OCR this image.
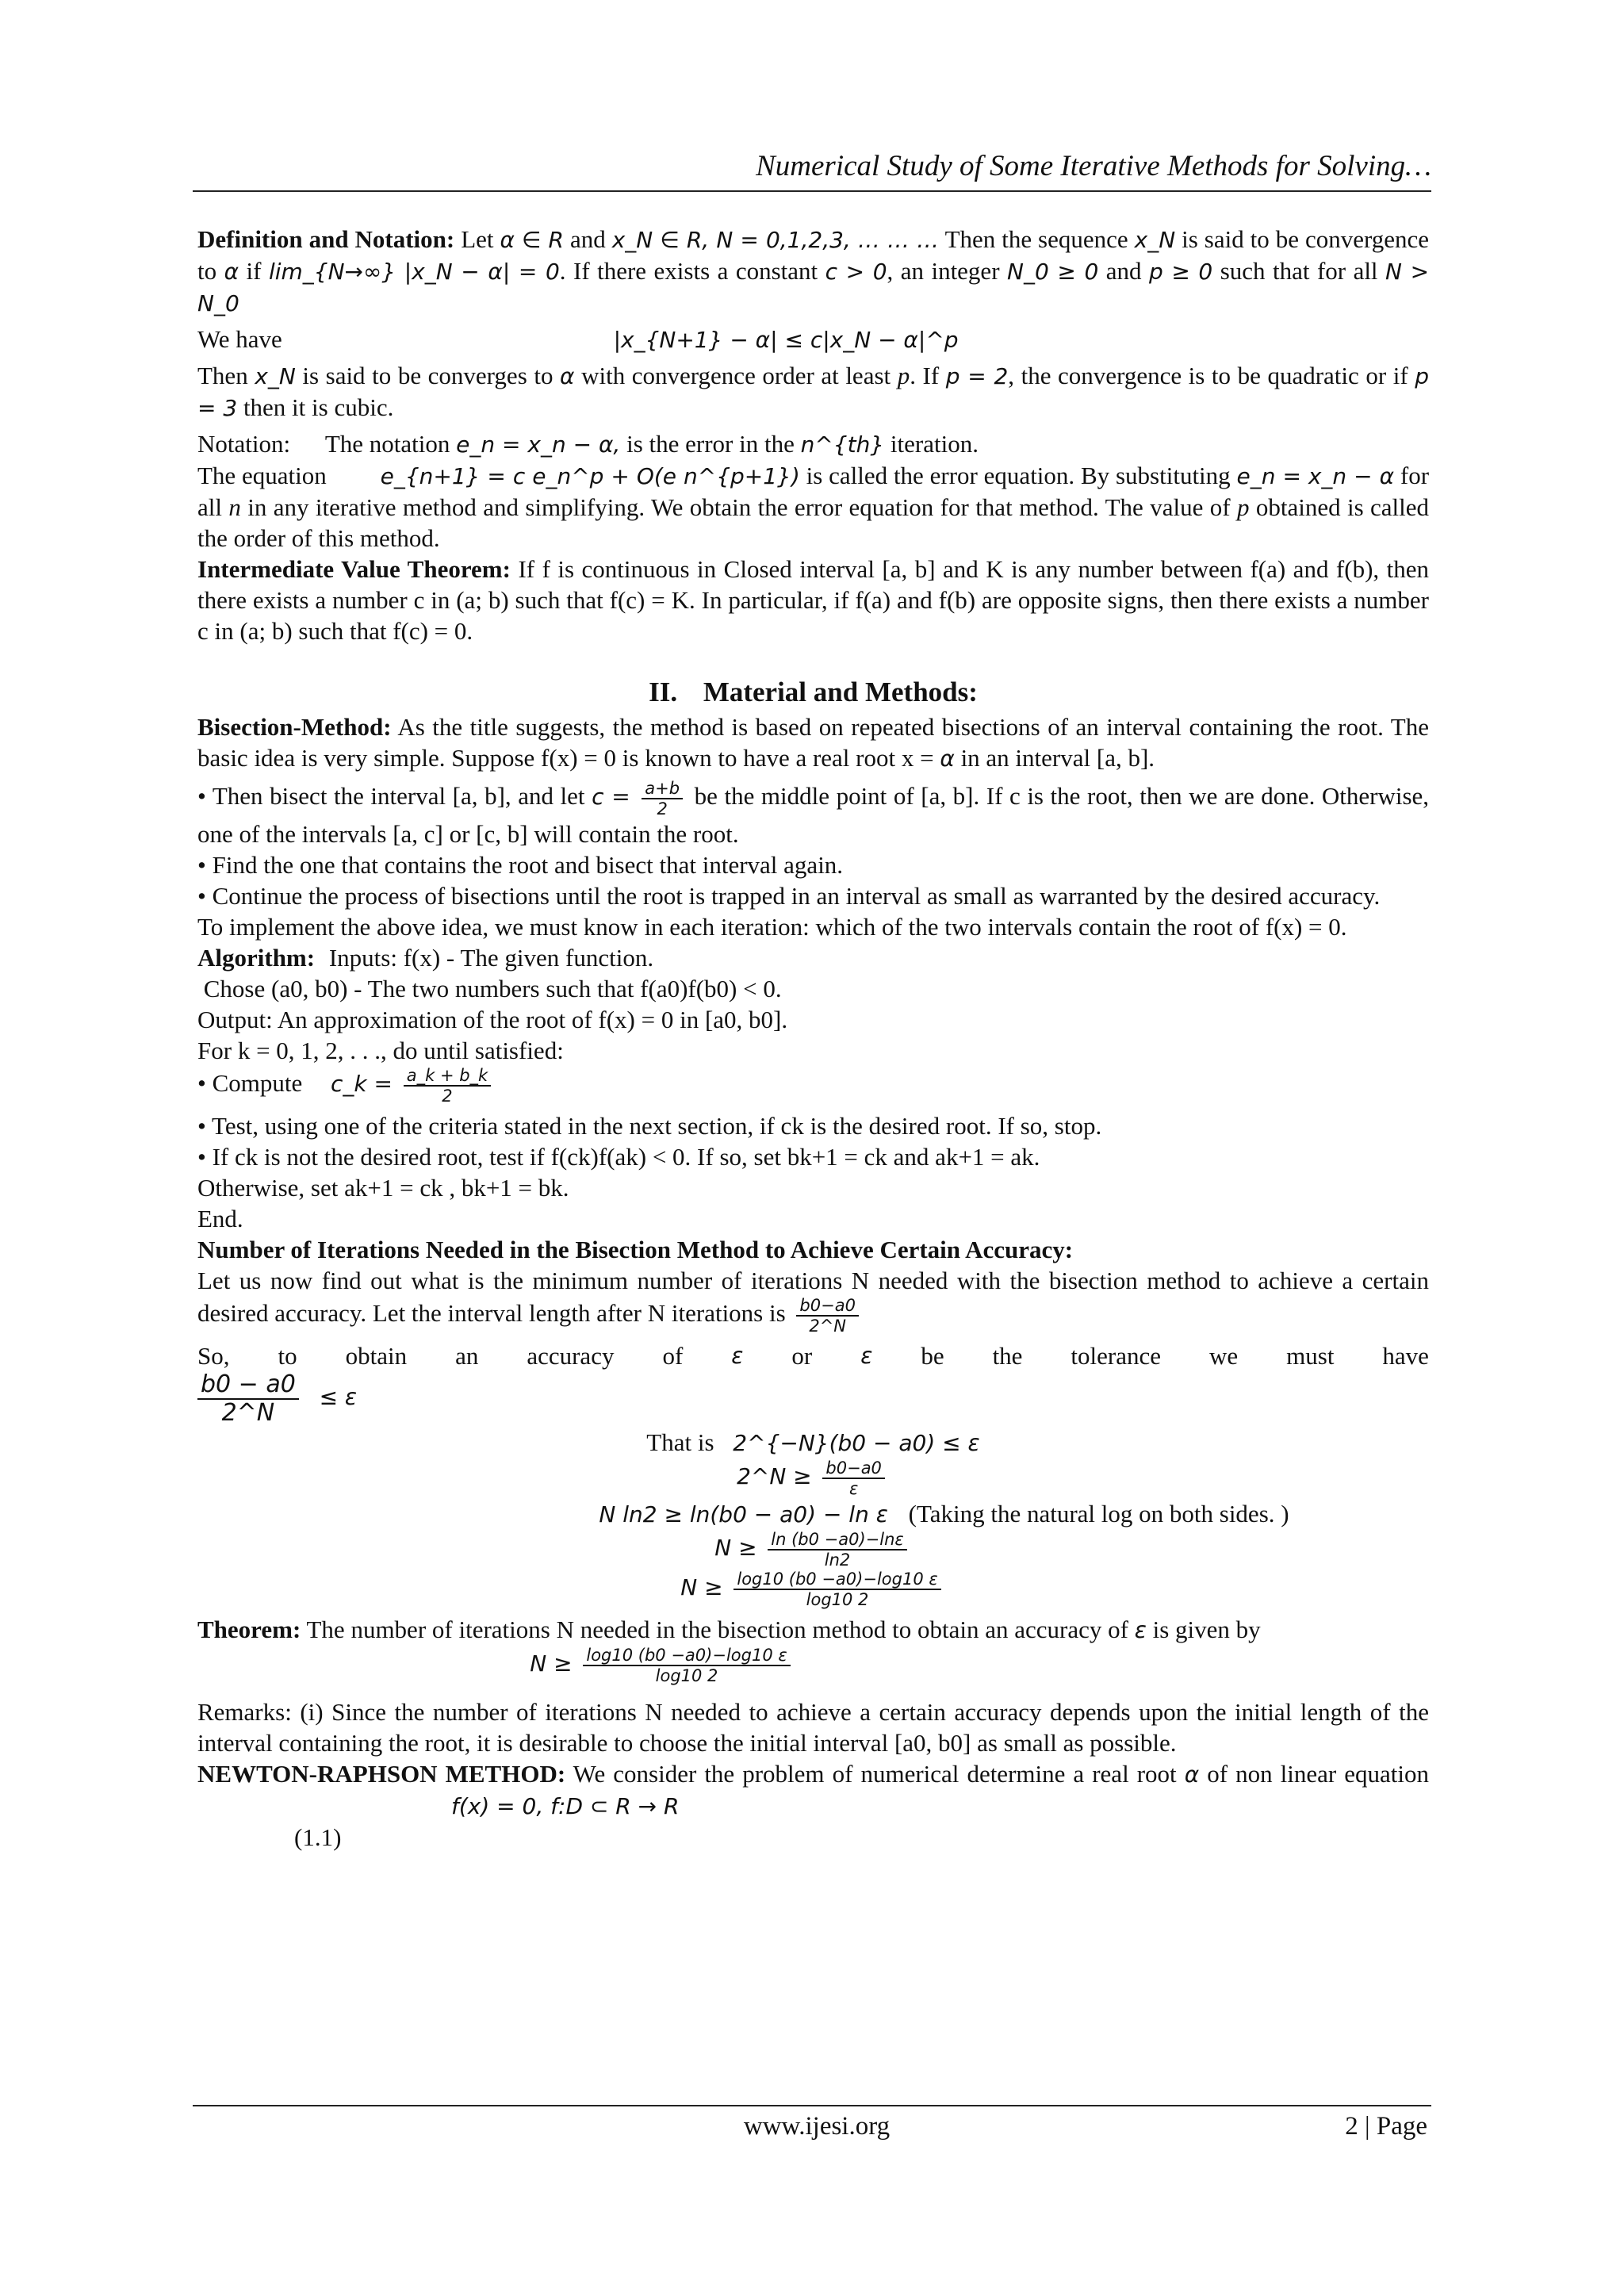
Numerical Study of Some Iterative Methods for Solving…

Definition and Notation: Let α ∈ R and x_N ∈ R, N = 0,1,2,3, … … … Then the sequence x_N is said to be convergence to α if lim_{N→∞} |x_N − α| = 0. If there exists a constant c > 0, an integer N_0 ≥ 0 and p ≥ 0 such that for all N > N_0

We have	|x_{N+1} − α| ≤ c|x_N − α|^p

Then x_N is said to be converges to α with convergence order at least p. If p = 2, the convergence is to be quadratic or if p = 3 then it is cubic.

Notation: The notation e_n = x_n − α, is the error in the n^{th} iteration.

The equation e_{n+1} = c e_n^p + O(e n^{p+1}) is called the error equation. By substituting e_n = x_n − α for all n in any iterative method and simplifying. We obtain the error equation for that method. The value of p obtained is called the order of this method.

Intermediate Value Theorem: If f is continuous in Closed interval [a, b] and K is any number between f(a) and f(b), then there exists a number c in (a; b) such that f(c) = K. In particular, if f(a) and f(b) are opposite signs, then there exists a number c in (a; b) such that f(c) = 0.

II. Material and Methods:

Bisection-Method: As the title suggests, the method is based on repeated bisections of an interval containing the root. The basic idea is very simple. Suppose f(x) = 0 is known to have a real root x = α in an interval [a, b].

• Then bisect the interval [a, b], and let $c = \frac{a+b}{2}$ be the middle point of [a, b]. If c is the root, then we are done. Otherwise, one of the intervals [a, c] or [c, b] will contain the root.

• Find the one that contains the root and bisect that interval again.

• Continue the process of bisections until the root is trapped in an interval as small as warranted by the desired accuracy.

To implement the above idea, we must know in each iteration: which of the two intervals contain the root of f(x) = 0.

Algorithm: Inputs: f(x) - The given function.

Chose (a0, b0) - The two numbers such that f(a0)f(b0) < 0.

Output: An approximation of the root of f(x) = 0 in [a0, b0].

For k = 0, 1, 2, . . ., do until satisfied:

• Compute c_k = $\frac{a\_k + b\_k}{2}$

• Test, using one of the criteria stated in the next section, if ck is the desired root. If so, stop.

• If ck is not the desired root, test if f(ck)f(ak) < 0. If so, set bk+1 = ck and ak+1 = ak.

Otherwise, set ak+1 = ck , bk+1 = bk.

End.

Number of Iterations Needed in the Bisection Method to Achieve Certain Accuracy:

Let us now find out what is the minimum number of iterations N needed with the bisection method to achieve a certain desired accuracy. Let the interval length after N iterations is $\frac{b0-a0}{2\^{}N}$

So, to obtain an accuracy of ε or ε be the tolerance we must have

$\frac{b0 - a0}{2\^{}N} \le \varepsilon$

That is 2^{−N}(b0 − a0) ≤ ε

2^N ≥ $\frac{b0-a0}{\varepsilon}$

N ln2 ≥ ln(b0 − a0) − ln ε (Taking the natural log on both sides. )

$N \ge \frac{\ln (b0 -a0)-\ln\varepsilon}{\ln 2}$

$N \ge \frac{\log 10 (b0 -a0)-\log 10 \varepsilon}{\log 10 2}$

Theorem: The number of iterations N needed in the bisection method to obtain an accuracy of ε is given by

$N \ge \frac{\log 10 (b0 -a0)-\log 10 \varepsilon}{\log 10 2}$

Remarks: (i) Since the number of iterations N needed to achieve a certain accuracy depends upon the initial length of the interval containing the root, it is desirable to choose the initial interval [a0, b0] as small as possible.

NEWTON-RAPHSON METHOD: We consider the problem of numerical determine a real root α of non linear equation f(x) = 0, f:D ⊂ R → R

(1.1)

www.ijesi.org	2 | Page
